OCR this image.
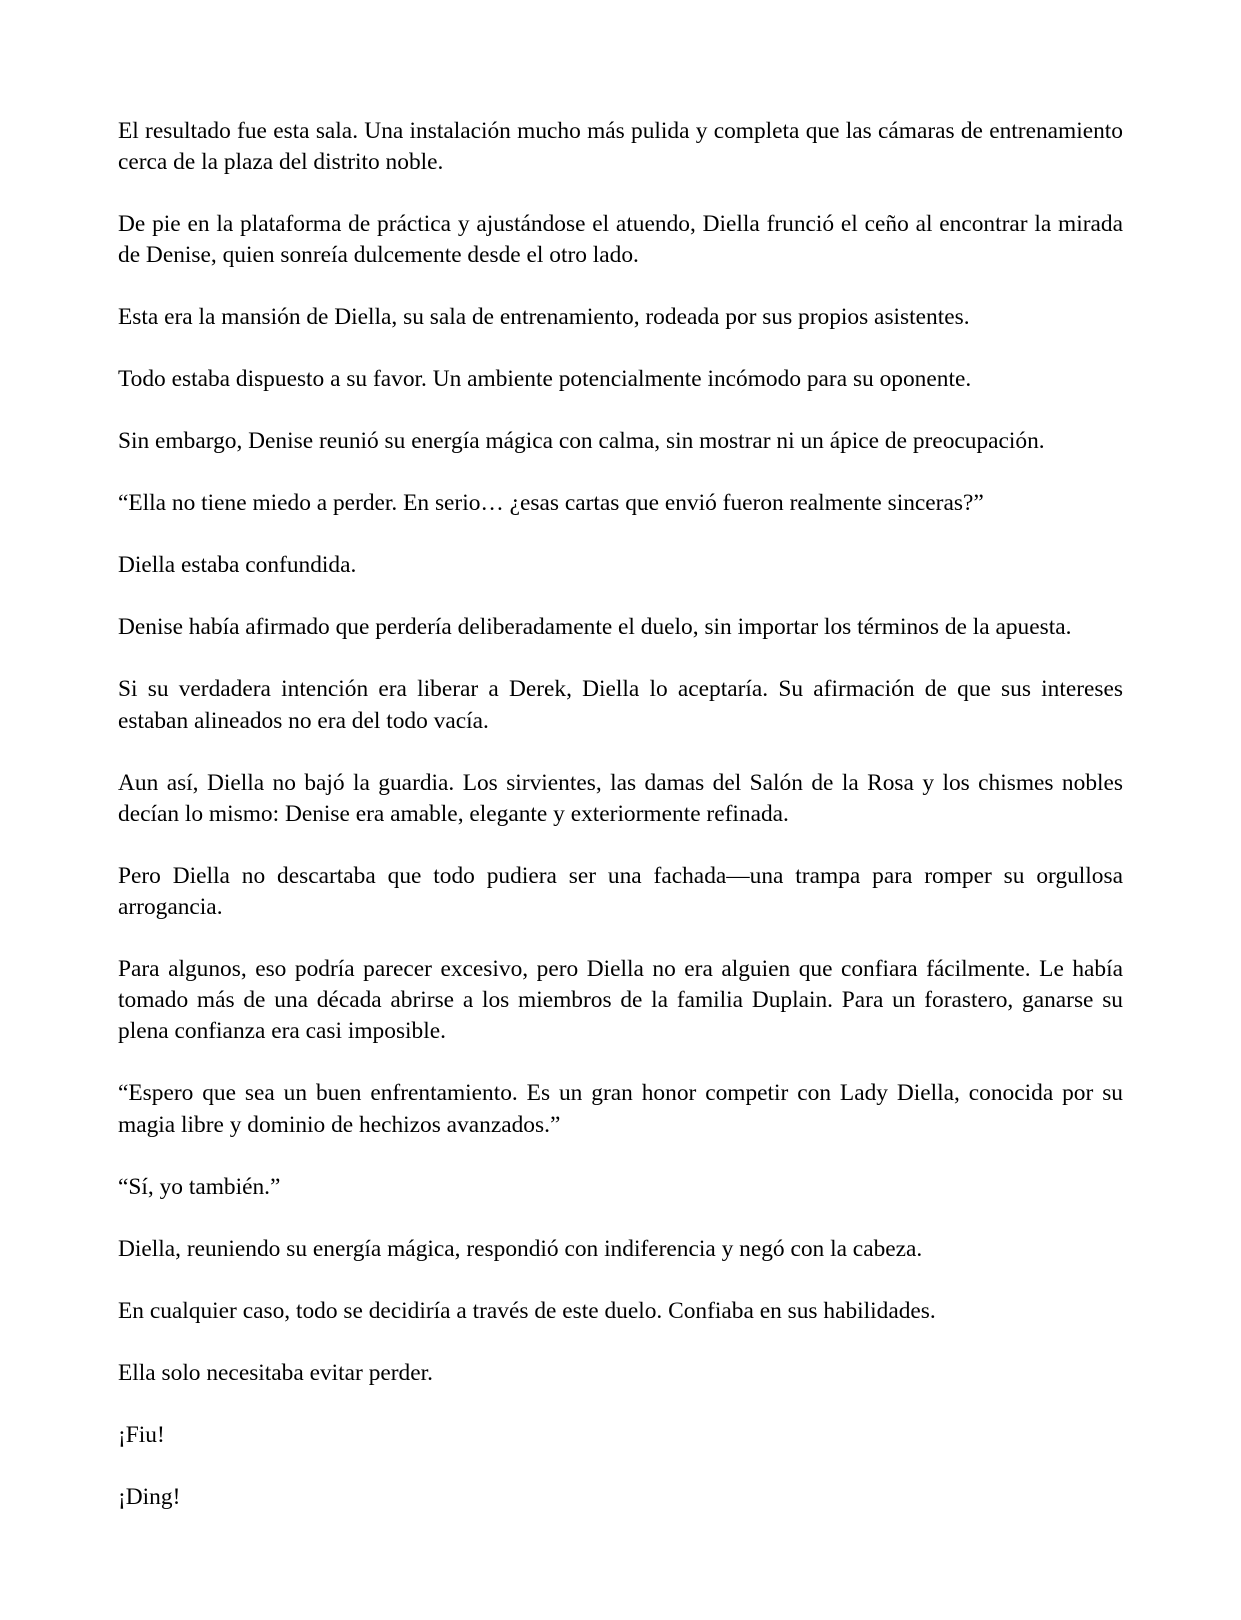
El resultado fue esta sala. Una instalación mucho más pulida y completa que las cámaras de entrenamiento cerca de la plaza del distrito noble.

De pie en la plataforma de práctica y ajustándose el atuendo, Diella frunció el ceño al encontrar la mirada de Denise, quien sonreía dulcemente desde el otro lado.

Esta era la mansión de Diella, su sala de entrenamiento, rodeada por sus propios asistentes.

Todo estaba dispuesto a su favor. Un ambiente potencialmente incómodo para su oponente.

Sin embargo, Denise reunió su energía mágica con calma, sin mostrar ni un ápice de preocupación.

“Ella no tiene miedo a perder. En serio… ¿esas cartas que envió fueron realmente sinceras?”

Diella estaba confundida.

Denise había afirmado que perdería deliberadamente el duelo, sin importar los términos de la apuesta.

Si su verdadera intención era liberar a Derek, Diella lo aceptaría. Su afirmación de que sus intereses estaban alineados no era del todo vacía.

Aun así, Diella no bajó la guardia. Los sirvientes, las damas del Salón de la Rosa y los chismes nobles decían lo mismo: Denise era amable, elegante y exteriormente refinada.

Pero Diella no descartaba que todo pudiera ser una fachada—una trampa para romper su orgullosa arrogancia.

Para algunos, eso podría parecer excesivo, pero Diella no era alguien que confiara fácilmente. Le había tomado más de una década abrirse a los miembros de la familia Duplain. Para un forastero, ganarse su plena confianza era casi imposible.

“Espero que sea un buen enfrentamiento. Es un gran honor competir con Lady Diella, conocida por su magia libre y dominio de hechizos avanzados.”

“Sí, yo también.”

Diella, reuniendo su energía mágica, respondió con indiferencia y negó con la cabeza.

En cualquier caso, todo se decidiría a través de este duelo. Confiaba en sus habilidades.

Ella solo necesitaba evitar perder.

¡Fiu!

¡Ding!
